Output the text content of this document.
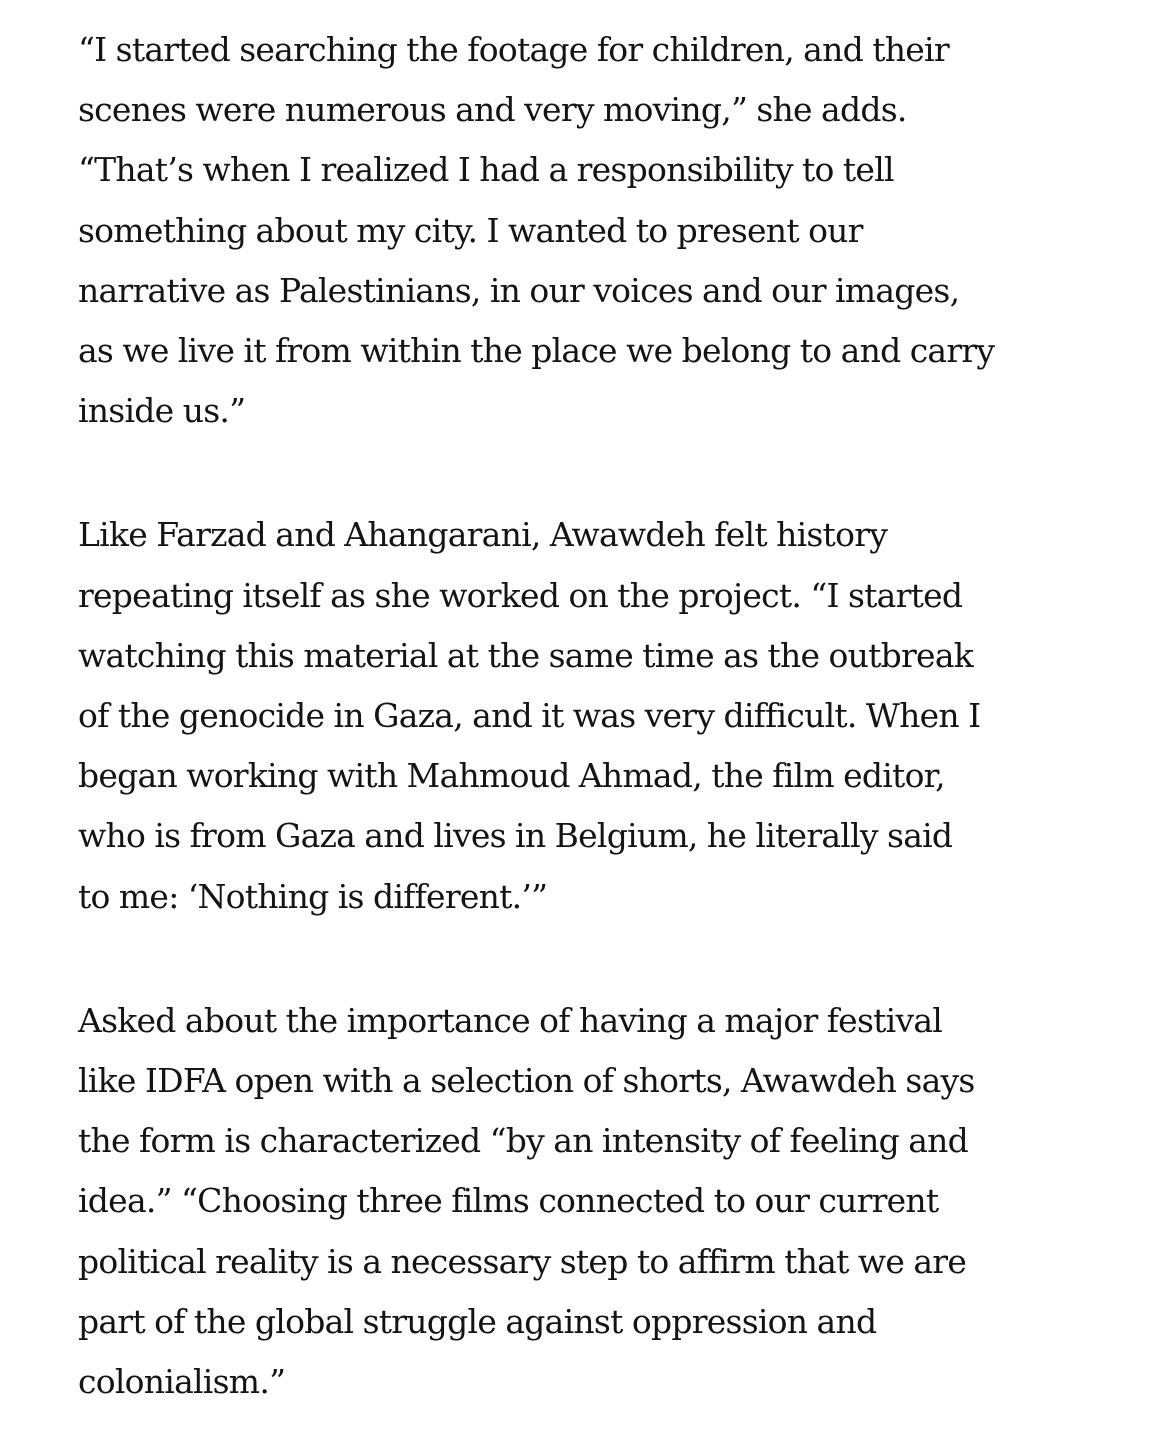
“I started searching the footage for children, and their
scenes were numerous and very moving,” she adds.
“That’s when I realized I had a responsibility to tell
something about my city. I wanted to present our
narrative as Palestinians, in our voices and our images,
as we live it from within the place we belong to and carry
inside us.”

Like Farzad and Ahangarani, Awawdeh felt history
repeating itself as she worked on the project. “I started
watching this material at the same time as the outbreak
of the genocide in Gaza, and it was very difficult. When I
began working with Mahmoud Ahmad, the film editor,
who is from Gaza and lives in Belgium, he literally said
to me: ‘Nothing is different.’”

Asked about the importance of having a major festival
like IDFA open with a selection of shorts, Awawdeh says
the form is characterized “by an intensity of feeling and
idea.” “Choosing three films connected to our current
political reality is a necessary step to affirm that we are
part of the global struggle against oppression and
colonialism.”
